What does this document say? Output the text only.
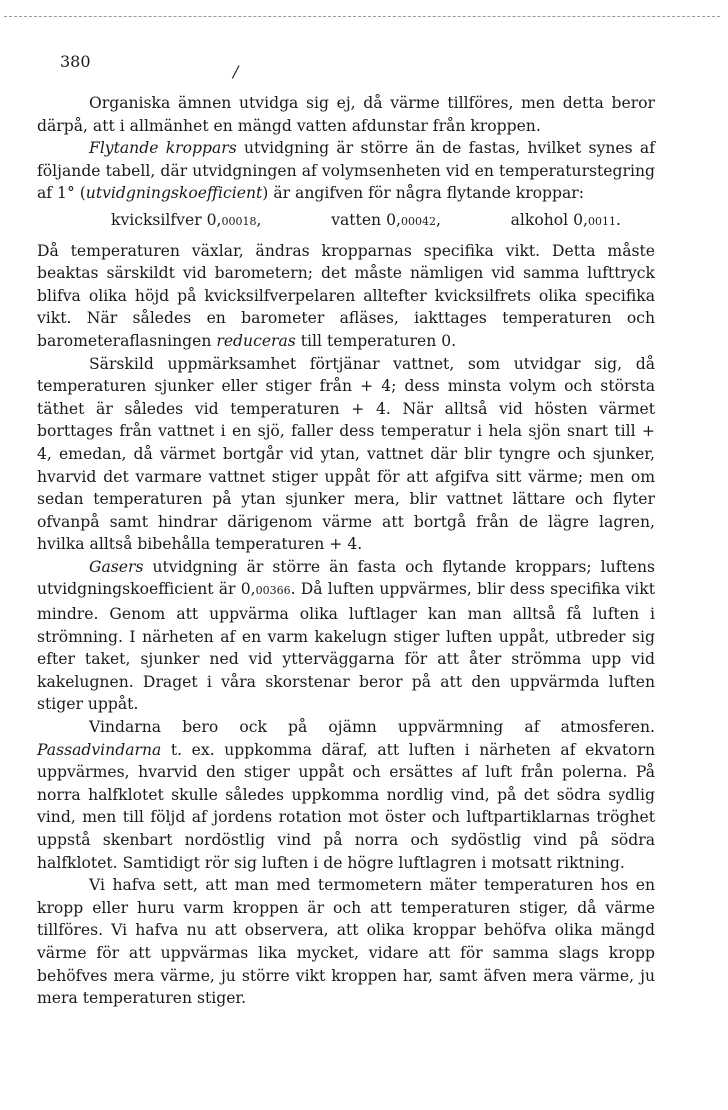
380
/

Organiska ämnen utvidga sig ej, då värme tillföres, men detta beror därpå, att i allmänhet en mängd vatten afdunstar från kroppen.

Flytande kroppars utvidgning är större än de fastas, hvilket synes af följande tabell, där utvidgningen af volymsenheten vid en temperaturstegring af 1° (utvidgningskoefficient) är angifven för några flytande kroppar:

kvicksilfver 0,00018,	vatten 0,00042,	alkohol 0,0011.

Då temperaturen växlar, ändras kropparnas specifika vikt. Detta måste beaktas särskildt vid barometern; det måste nämligen vid samma lufttryck blifva olika höjd på kvicksilfverpelaren alltefter kvicksilfrets olika specifika vikt. När således en barometer afläses, iakttages temperaturen och barometeraflasningen reduceras till temperaturen 0.

Särskild uppmärksamhet förtjänar vattnet, som utvidgar sig, då temperaturen sjunker eller stiger från + 4; dess minsta volym och största täthet är således vid temperaturen + 4. När alltså vid hösten värmet borttages från vattnet i en sjö, faller dess temperatur i hela sjön snart till + 4, emedan, då värmet bortgår vid ytan, vattnet där blir tyngre och sjunker, hvarvid det varmare vattnet stiger uppåt för att afgifva sitt värme; men om sedan temperaturen på ytan sjunker mera, blir vattnet lättare och flyter ofvanpå samt hindrar därigenom värme att bortgå från de lägre lagren, hvilka alltså bibehålla temperaturen + 4.

Gasers utvidgning är större än fasta och flytande kroppars; luftens utvidgningskoefficient är 0,00366. Då luften uppvärmes, blir dess specifika vikt mindre. Genom att uppvärma olika luftlager kan man alltså få luften i strömning. I närheten af en varm kakelugn stiger luften uppåt, utbreder sig efter taket, sjunker ned vid ytterväggarna för att åter strömma upp vid kakelugnen. Draget i våra skorstenar beror på att den uppvärmda luften stiger uppåt.

Vindarna bero ock på ojämn uppvärmning af atmosferen. Passadvindarna t. ex. uppkomma däraf, att luften i närheten af ekvatorn uppvärmes, hvarvid den stiger uppåt och ersättes af luft från polerna. På norra halfklotet skulle således uppkomma nordlig vind, på det södra sydlig vind, men till följd af jordens rotation mot öster och luftpartiklarnas tröghet uppstå skenbart nordöstlig vind på norra och sydöstlig vind på södra halfklotet. Samtidigt rör sig luften i de högre luftlagren i motsatt riktning.

Vi hafva sett, att man med termometern mäter temperaturen hos en kropp eller huru varm kroppen är och att temperaturen stiger, då värme tillföres. Vi hafva nu att observera, att olika kroppar behöfva olika mängd värme för att uppvärmas lika mycket, vidare att för samma slags kropp behöfves mera värme, ju större vikt kroppen har, samt äfven mera värme, ju mera temperaturen stiger.
